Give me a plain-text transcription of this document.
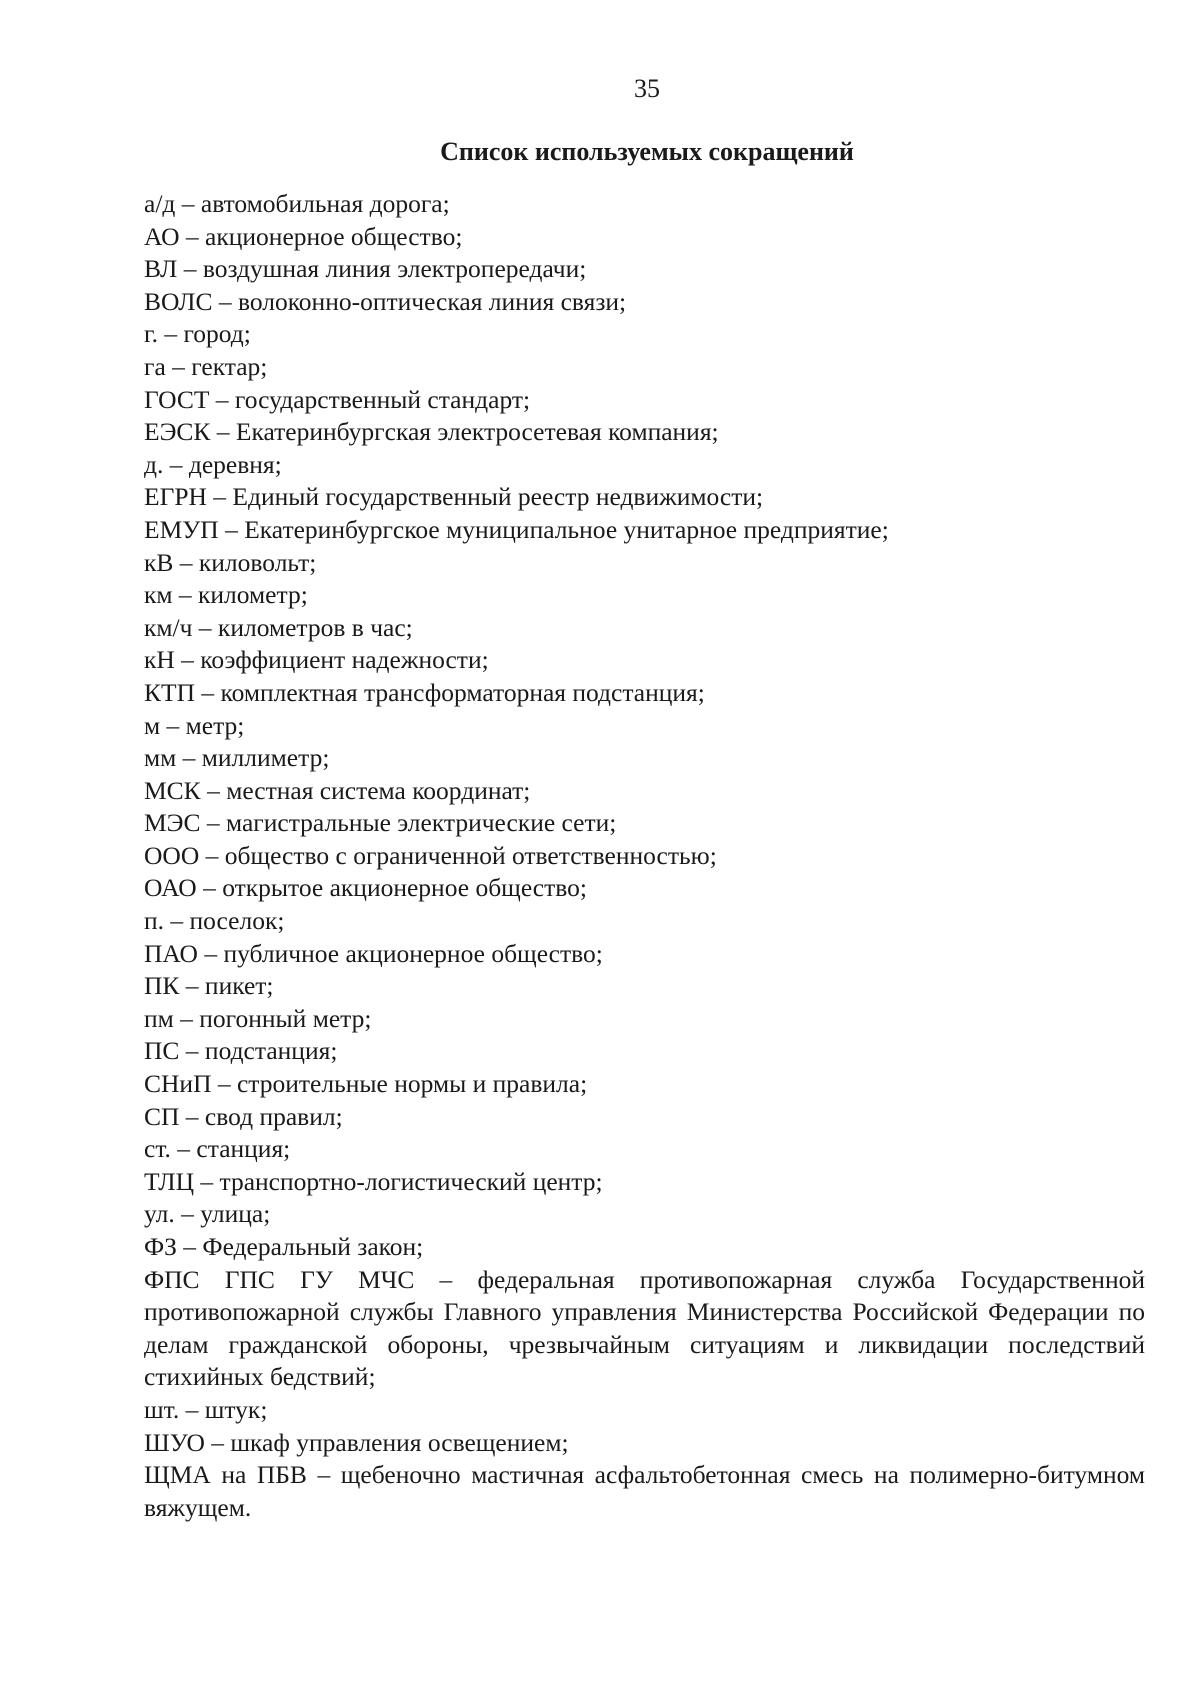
35
Список используемых сокращений
а/д – автомобильная дорога;
АО – акционерное общество;
ВЛ – воздушная линия электропередачи;
ВОЛС – волоконно-оптическая линия связи;
г. – город;
га – гектар;
ГОСТ – государственный стандарт;
ЕЭСК – Екатеринбургская электросетевая компания;
д. – деревня;
ЕГРН – Единый государственный реестр недвижимости;
ЕМУП – Екатеринбургское муниципальное унитарное предприятие;
кВ – киловольт;
км – километр;
км/ч – километров в час;
кН – коэффициент надежности;
КТП – комплектная трансформаторная подстанция;
м – метр;
мм – миллиметр;
МСК – местная система координат;
МЭС – магистральные электрические сети;
ООО – общество с ограниченной ответственностью;
ОАО – открытое акционерное общество;
п. – поселок;
ПАО – публичное акционерное общество;
ПК – пикет;
пм – погонный метр;
ПС – подстанция;
СНиП – строительные нормы и правила;
СП – свод правил;
ст. – станция;
ТЛЦ – транспортно-логистический центр;
ул. – улица;
ФЗ – Федеральный закон;
ФПС ГПС ГУ МЧС – федеральная противопожарная служба Государственной противопожарной службы Главного управления Министерства Российской Федерации по делам гражданской обороны, чрезвычайным ситуациям и ликвидации последствий стихийных бедствий;
шт. – штук;
ШУО – шкаф управления освещением;
ЩМА на ПБВ – щебеночно мастичная асфальтобетонная смесь на полимерно-битумном вяжущем.
